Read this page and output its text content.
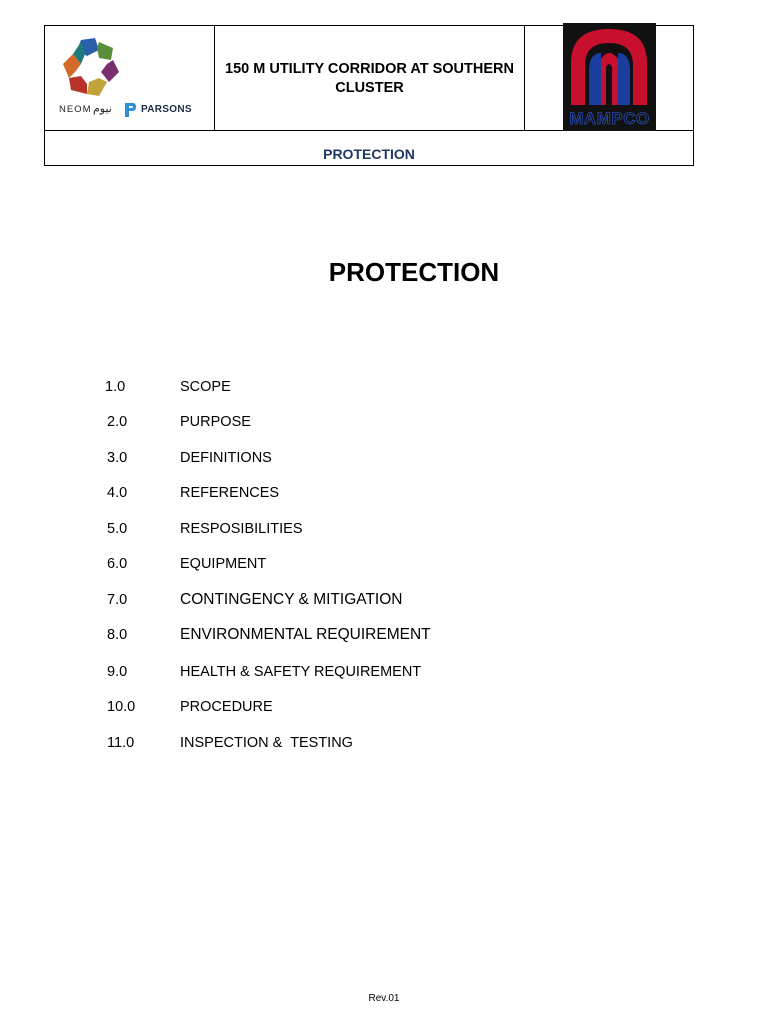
NEOM نيوم	PARSONS
150 M UTILITY CORRIDOR AT SOUTHERN CLUSTER
MAMPCO
PROTECTION
PROTECTION
1.0	SCOPE
2.0	PURPOSE
3.0	DEFINITIONS
4.0	REFERENCES
5.0	RESPOSIBILITIES
6.0	EQUIPMENT
7.0	CONTINGENCY & MITIGATION
8.0	ENVIRONMENTAL REQUIREMENT
9.0	HEALTH & SAFETY REQUIREMENT
10.0	PROCEDURE
11.0	INSPECTION &  TESTING
Rev.01
